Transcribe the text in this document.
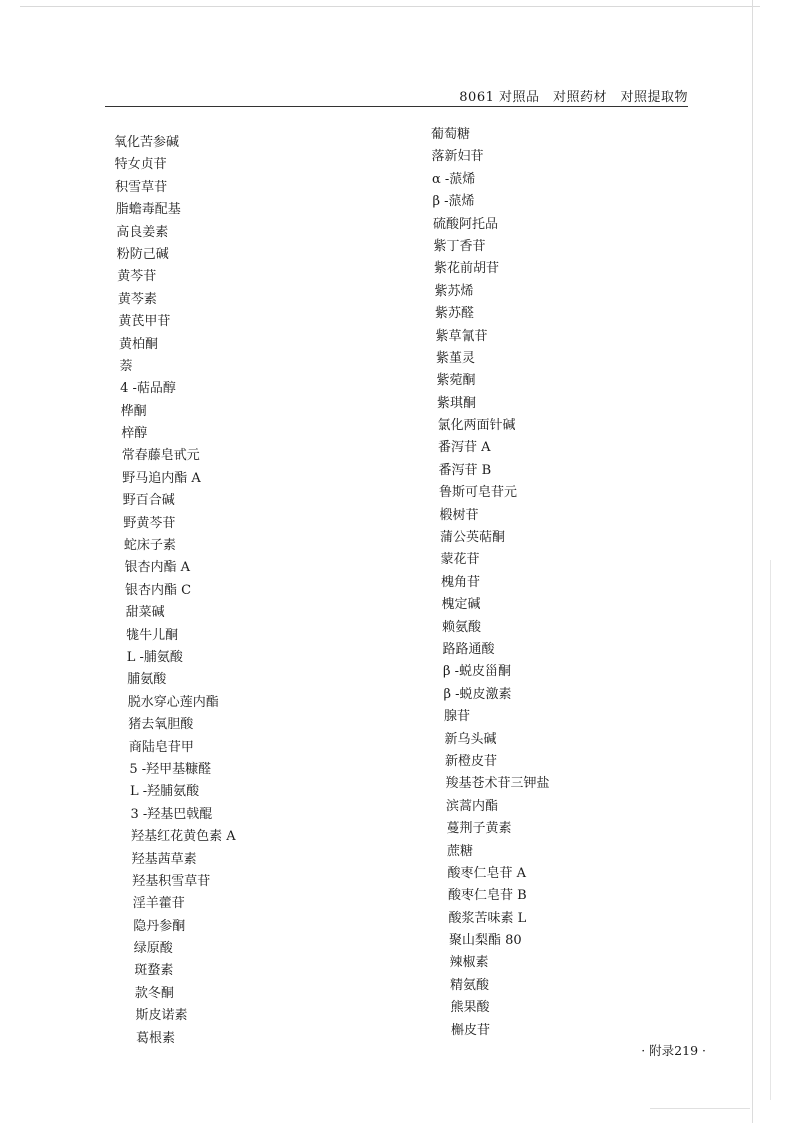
8061 对照品　对照药材　对照提取物
氧化苦参碱
特女贞苷
积雪草苷
脂蟾毒配基
高良姜素
粉防己碱
黄芩苷
黄芩素
黄芪甲苷
黄柏酮
萘
4 -萜品醇
桦酮
梓醇
常春藤皂甙元
野马追内酯 A
野百合碱
野黄芩苷
蛇床子素
银杏内酯 A
银杏内酯 C
甜菜碱
牻牛儿酮
L -脯氨酸
脯氨酸
脱水穿心莲内酯
猪去氧胆酸
商陆皂苷甲
5 -羟甲基糠醛
L -羟脯氨酸
3 -羟基巴戟醌
羟基红花黄色素 A
羟基茜草素
羟基积雪草苷
淫羊藿苷
隐丹参酮
绿原酸
斑蝥素
款冬酮
斯皮诺素
葛根素
葡萄糖
落新妇苷
α -蒎烯
β -蒎烯
硫酸阿托品
紫丁香苷
紫花前胡苷
紫苏烯
紫苏醛
紫草氰苷
紫堇灵
紫菀酮
紫琪酮
氯化两面针碱
番泻苷 A
番泻苷 B
鲁斯可皂苷元
椴树苷
蒲公英萜酮
蒙花苷
槐角苷
槐定碱
赖氨酸
路路通酸
β -蜕皮甾酮
β -蜕皮激素
腺苷
新乌头碱
新橙皮苷
羧基苍术苷三钾盐
滨蒿内酯
蔓荆子黄素
蔗糖
酸枣仁皂苷 A
酸枣仁皂苷 B
酸浆苦味素 L
聚山梨酯 80
辣椒素
精氨酸
熊果酸
槲皮苷
· 附录219 ·
